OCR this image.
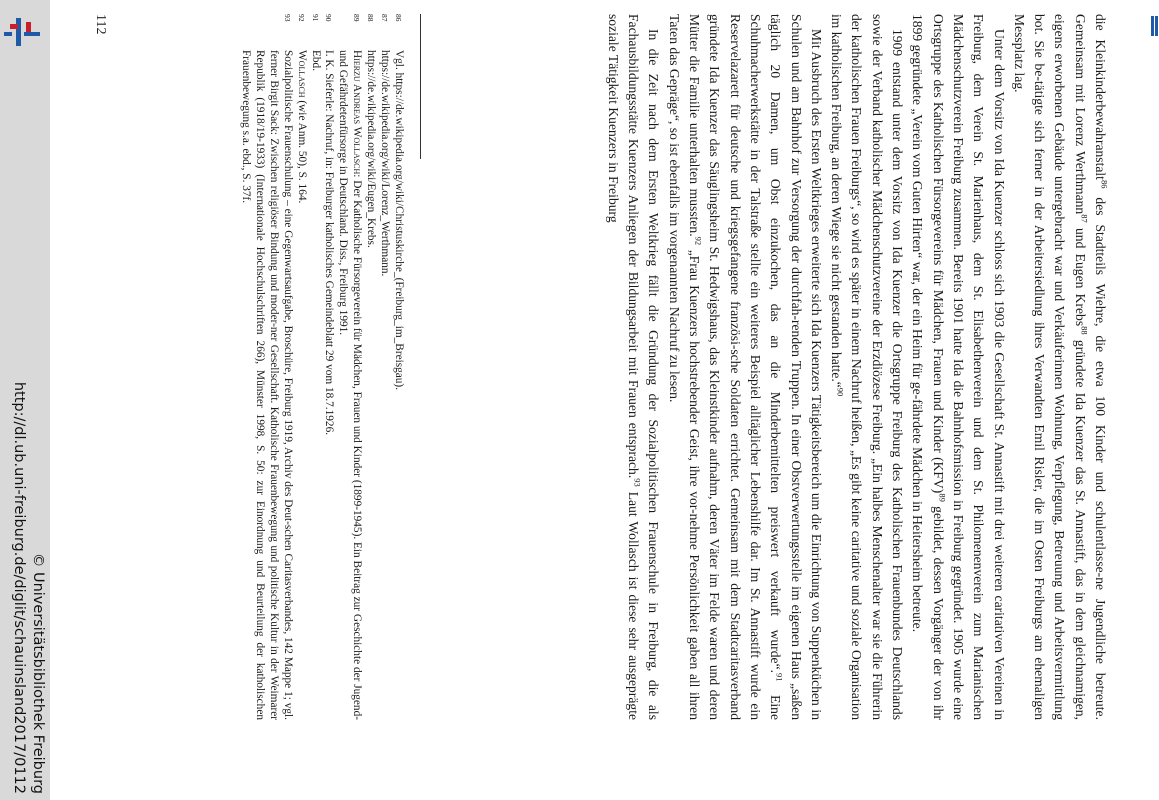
http://dl.ub.uni-freiburg.de/diglit/schauinsland2017/0112 © Universitätsbibliothek Freiburg

die Kleinkinderbewahranstalt$^{86}$ des Stadtteils Wiehre, die etwa 100 Kinder und schulentlasse-ne Jugendliche betreute. Gemeinsam mit Lorenz Werthmann$^{87}$ und Eugen Krebs$^{88}$ gründete Ida Kuenzer das St. Annastift, das in dem gleichnamigen, eigens erworbenen Gebäude untergebracht war und Verkäuferinnen Wohnung, Verpflegung, Betreuung und Arbeitsvermittlung bot. Sie be-tätigte sich ferner in der Arbeitersiedlung ihres Verwandten Emil Risler, die im Osten Freiburgs am ehemaligen Messplatz lag.

Unter dem Vorsitz von Ida Kuenzer schloss sich 1903 die Gesellschaft St. Annastift mit drei weiteren caritativen Vereinen in Freiburg, dem Verein St. Marienhaus, dem St. Elisabethenverein und dem St. Philomenenverein zum Marianischen Mädchenschutzverein Freiburg zusammen. Bereits 1901 hatte Ida die Bahnhofsmission in Freiburg gegründet. 1905 wurde eine Ortsgruppe des Katholischen Fürsorgevereins für Mädchen, Frauen und Kinder (KFV)$^{89}$ gebildet, dessen Vorgänger der von ihr 1899 gegründete „Verein vom Guten Hirten“ war, der ein Heim für ge-fährdete Mädchen in Heitersheim betreute.

1909 entstand unter dem Vorsitz von Ida Kuenzer die Ortsgruppe Freiburg des Katholischen Frauenbundes Deutschlands sowie der Verband katholischer Mädchenschutzvereine der Erzdiözese Freiburg. „Ein halbes Menschenalter war sie die Führerin der katholischen Frauen Freiburgs“, so wird es später in einem Nachruf heißen, „Es gibt keine caritative und soziale Organisation im katholischen Freiburg, an deren Wiege sie nicht gestanden hatte.“$^{90}$

Mit Ausbruch des Ersten Weltkrieges erweiterte sich Ida Kuenzers Tätigkeitsbereich um die Einrichtung von Suppenküchen in Schulen und am Bahnhof zur Versorgung der durchfah-renden Truppen. In einer Obstverwertungsstelle im eigenen Haus „saßen täglich 20 Damen, um Obst einzukochen, das an die Minderbemittelten preiswert verkauft wurde“.$^{91}$ Eine Schuhmacherwerkstätte in der Talstraße stellte ein weiteres Beispiel alltäglicher Lebenshilfe dar. Im St. Annastift wurde ein Reservelazarett für deutsche und kriegsgefangene französi-sche Soldaten errichtet. Gemeinsam mit dem Stadtcaritasverband gründete Ida Kuenzer das Säuglingsheim St. Hedwigshaus, das Kleinstkinder aufnahm, deren Väter im Felde waren und deren Mütter die Familie unterhalten mussten.$^{92}$ „Frau Kuenzers hochstrebender Geist, ihre vor-nehme Persönlichkeit gaben all ihren Taten das Gepräge“, so ist ebenfalls im vorgenannten Nachruf zu lesen.

In die Zeit nach dem Ersten Weltkrieg fällt die Gründung der Sozialpolitischen Frauenschule in Freiburg, die als Fachausbildungsstätte Kuenzers Anliegen der Bildungsarbeit mit Frauen entsprach.$^{93}$ Laut Wollasch ist diese sehr ausgeprägte soziale Tätigkeit Kuenzers in Freiburg

86
Vgl. https://de.wikipedia.org/wiki/Christuskirche_(Freiburg_im_Breisgau).
87
https://de.wikipedia.org/wiki/Lorenz_Werthmann.
88
https://de.wikipedia.org/wiki/Eugen_Krebs.
89
Hierzu Andreas Wollasch: Der Katholische Fürsorgeverein für Mädchen, Frauen und Kinder (1899-1945). Ein Beitrag zur Geschichte der Jugend- und Gefährdetenfürsorge in Deutschland. Diss., Freiburg 1991.
90
I. K. Sieferle: Nachruf, in: Freiburger katholisches Gemeindeblatt 29 vom 18.7.1926.
91
Ebd.
92
Wollasch (wie Anm. 50), S. 164.
93
Sozialpolitische Frauenschulung – eine Gegenwartsaufgabe, Broschüre, Freiburg 1919, Archiv des Deut-schen Caritasverbandes, 142 Mappe 1; vgl. ferner Birgit Sack: Zwischen religiöser Bindung und moder-ner Gesellschaft. Katholische Frauenbewegung und politische Kultur in der Weimarer Republik (1918/19-1933) (Internationale Hochschulschriften 266), Münster 1998, S. 50: zur Einordnung und Beurteilung der katholischen Frauenbewegung s.a. ebd., S. 37f.
112
